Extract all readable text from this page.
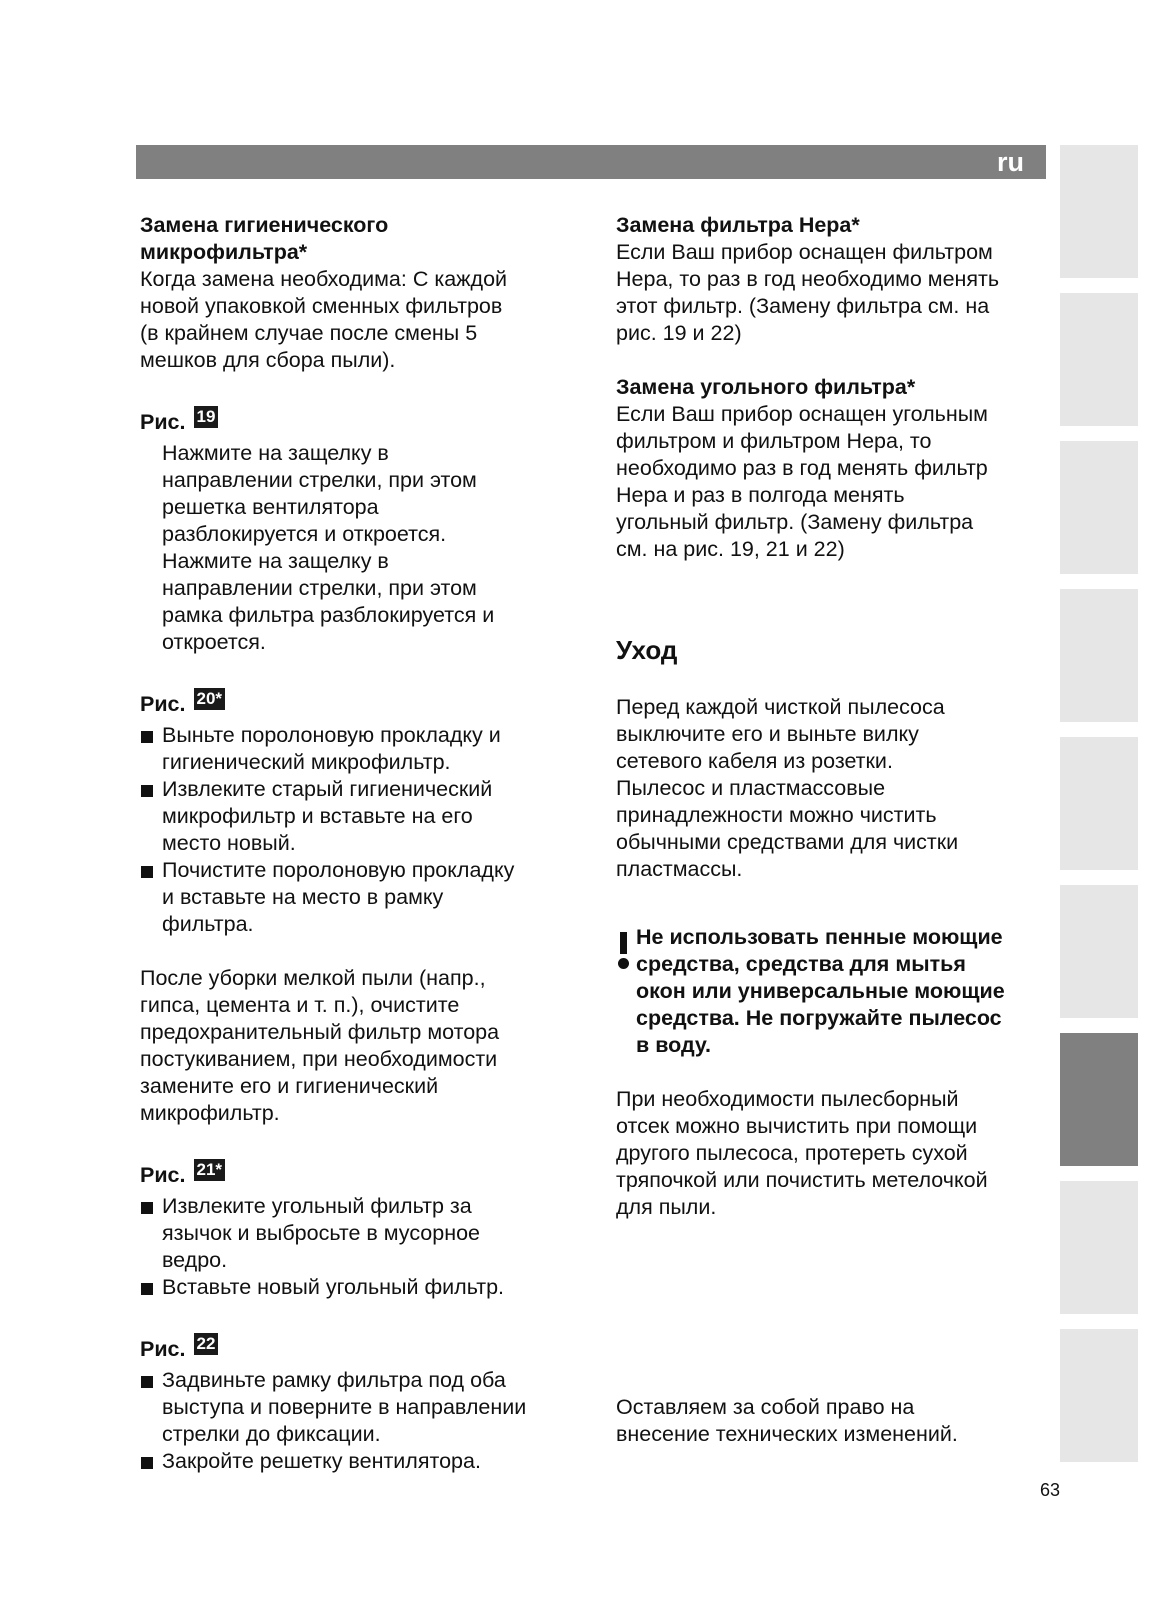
ru
Замена гигиенического
микрофильтра*
Когда замена необходима: С каждой
новой упаковкой сменных фильтров
(в крайнем случае после смены 5
мешков для сбора пыли).
Рис. 19
Нажмите на защелку в
направлении стрелки, при этом
решетка вентилятора
разблокируется и откроется.
Нажмите на защелку в
направлении стрелки, при этом
рамка фильтра разблокируется и
откроется.
Рис. 20*
Выньте поролоновую прокладку и
гигиенический микрофильтр.
Извлеките старый гигиенический
микрофильтр и вставьте на его
место новый.
Почистите поролоновую прокладку
и вставьте на место в рамку
фильтра.
После уборки мелкой пыли (напр.,
гипса, цемента и т. п.), очистите
предохранительный фильтр мотора
постукиванием, при необходимости
замените его и гигиенический
микрофильтр.
Рис. 21*
Извлеките угольный фильтр за
язычок и выбросьте в мусорное
ведро.
Вставьте новый угольный фильтр.
Рис. 22
Задвиньте рамку фильтра под оба
выступа и поверните в направлении
стрелки до фиксации.
Закройте решетку вентилятора.
Замена фильтра Hepa*
Если Ваш прибор оснащен фильтром
Hepa, то раз в год необходимо менять
этот фильтр. (Замену фильтра см. на
рис. 19 и 22)
Замена угольного фильтра*
Если Ваш прибор оснащен угольным
фильтром и фильтром Hepa, то
необходимо раз в год менять фильтр
Hepa и раз в полгода менять
угольный фильтр. (Замену фильтра
см. на рис. 19, 21 и 22)
Уход
Перед каждой чисткой пылесоса
выключите его и выньте вилку
сетевого кабеля из розетки.
Пылесос и пластмассовые
принадлежности можно чистить
обычными средствами для чистки
пластмассы.
Не использовать пенные моющие
средства, средства для мытья
окон или универсальные моющие
средства. Не погружайте пылесос
в воду.
При необходимости пылесборный
отсек можно вычистить при помощи
другого пылесоса, протереть сухой
тряпочкой или почистить метелочкой
для пыли.
Оставляем за собой право на
внесение технических изменений.
63
